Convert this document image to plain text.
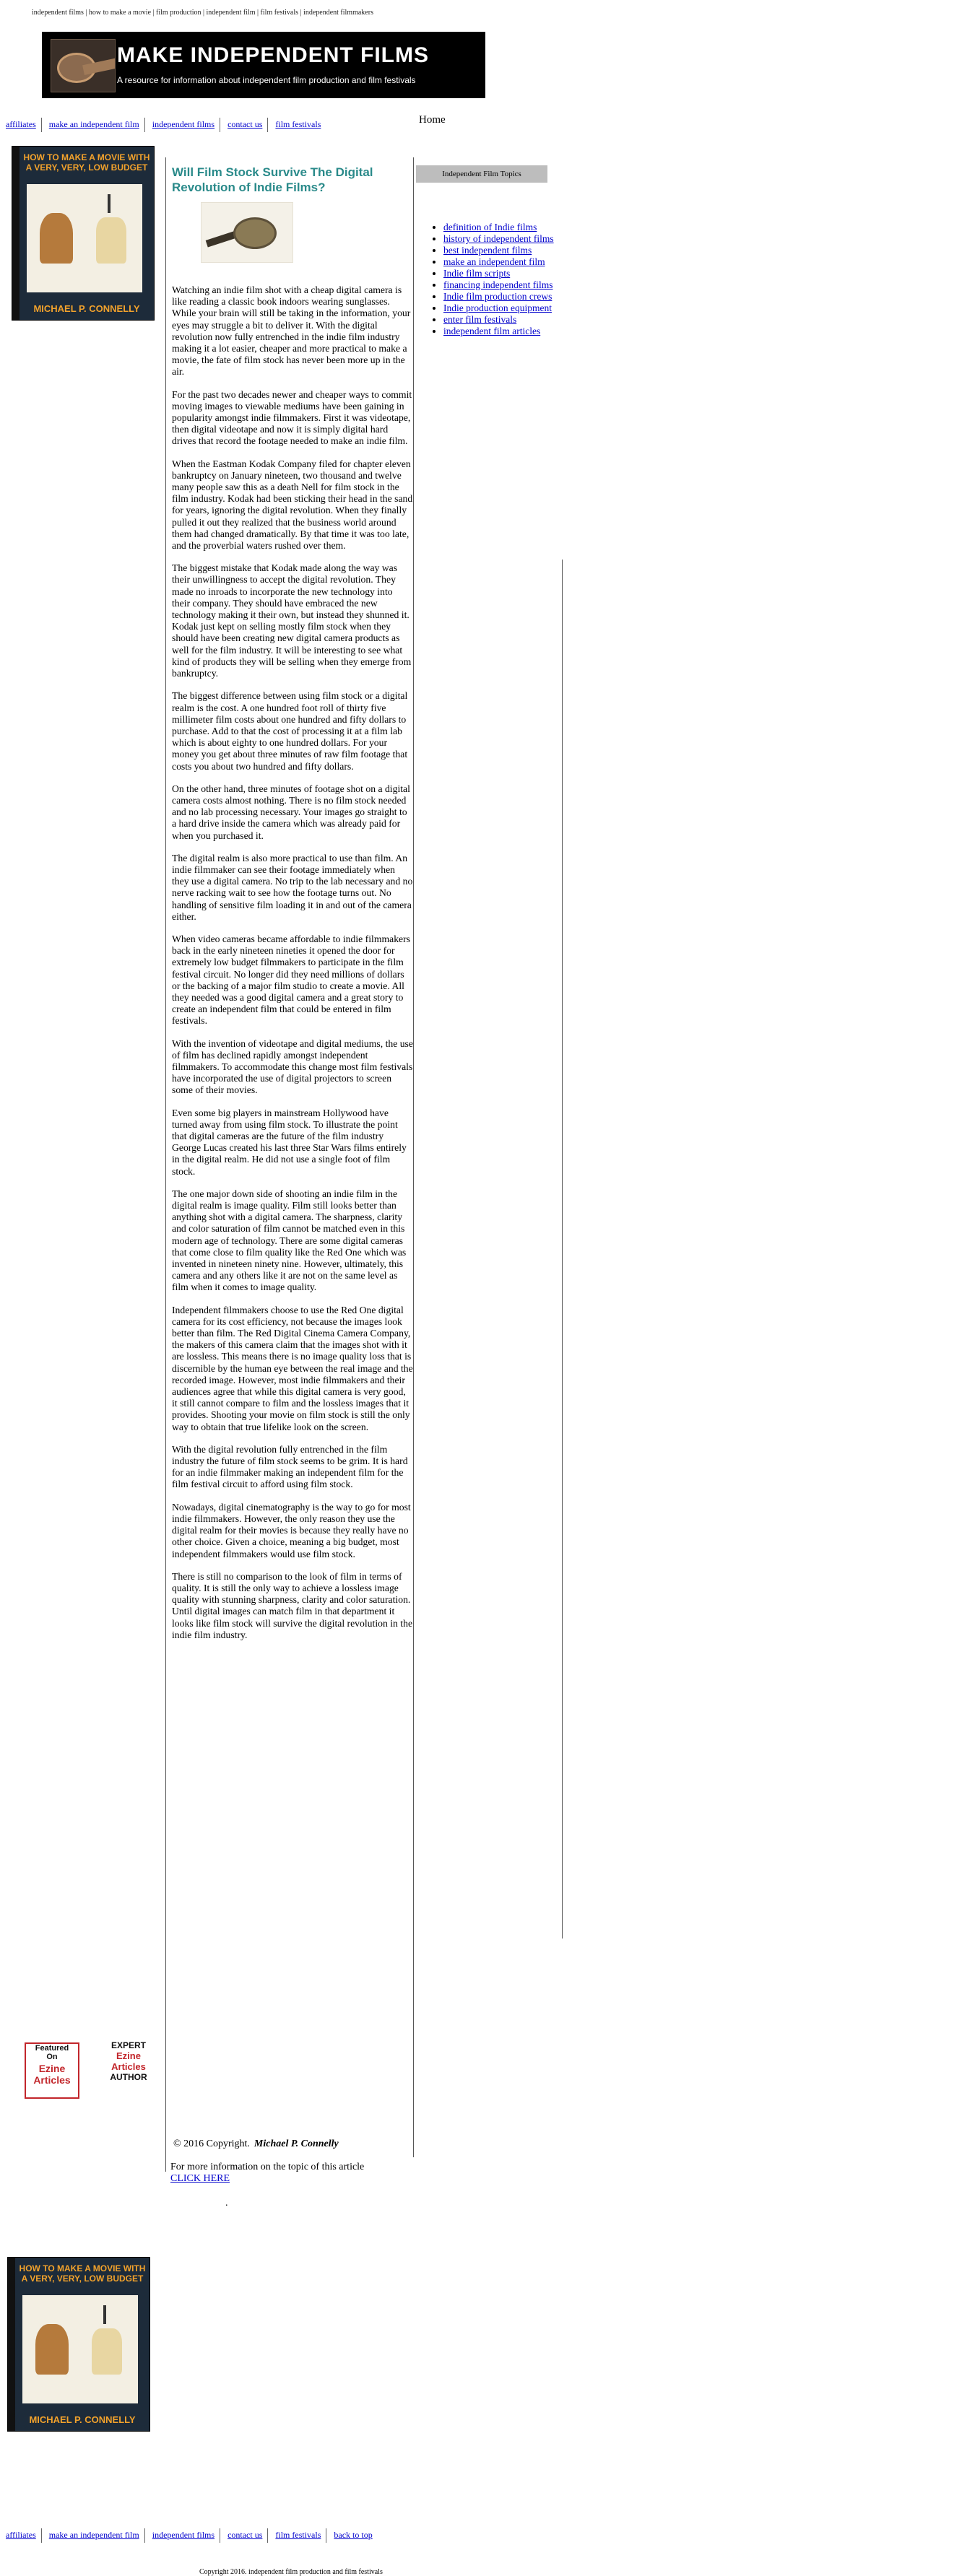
independent films | how to make a movie | film production | independent film | film festivals | independent filmmakers
MAKE INDEPENDENT FILMS
A resource for information about independent film production and film festivals
affiliates make an independent film independent films contact us film festivals	Home
HOW TO MAKE A MOVIE WITH A VERY, VERY, LOW BUDGET
MICHAEL P. CONNELLY
Will Film Stock Survive The Digital Revolution of Indie Films?

Watching an indie film shot with a cheap digital camera is like reading a classic book indoors wearing sunglasses. While your brain will still be taking in the information, your eyes may struggle a bit to deliver it. With the digital revolution now fully entrenched in the indie film industry making it a lot easier, cheaper and more practical to make a movie, the fate of film stock has never been more up in the air.

For the past two decades newer and cheaper ways to commit moving images to viewable mediums have been gaining in popularity amongst indie filmmakers. First it was videotape, then digital videotape and now it is simply digital hard drives that record the footage needed to make an indie film.

When the Eastman Kodak Company filed for chapter eleven bankruptcy on January nineteen, two thousand and twelve many people saw this as a death Nell for film stock in the film industry. Kodak had been sticking their head in the sand for years, ignoring the digital revolution. When they finally pulled it out they realized that the business world around them had changed dramatically. By that time it was too late, and the proverbial waters rushed over them.

The biggest mistake that Kodak made along the way was their unwillingness to accept the digital revolution. They made no inroads to incorporate the new technology into their company. They should have embraced the new technology making it their own, but instead they shunned it. Kodak just kept on selling mostly film stock when they should have been creating new digital camera products as well for the film industry. It will be interesting to see what kind of products they will be selling when they emerge from bankruptcy.

The biggest difference between using film stock or a digital realm is the cost. A one hundred foot roll of thirty five millimeter film costs about one hundred and fifty dollars to purchase. Add to that the cost of processing it at a film lab which is about eighty to one hundred dollars. For your money you get about three minutes of raw film footage that costs you about two hundred and fifty dollars.

On the other hand, three minutes of footage shot on a digital camera costs almost nothing. There is no film stock needed and no lab processing necessary. Your images go straight to a hard drive inside the camera which was already paid for when you purchased it.

The digital realm is also more practical to use than film. An indie filmmaker can see their footage immediately when they use a digital camera. No trip to the lab necessary and no nerve racking wait to see how the footage turns out. No handling of sensitive film loading it in and out of the camera either.

When video cameras became affordable to indie filmmakers back in the early nineteen nineties it opened the door for extremely low budget filmmakers to participate in the film festival circuit. No longer did they need millions of dollars or the backing of a major film studio to create a movie. All they needed was a good digital camera and a great story to create an independent film that could be entered in film festivals.

With the invention of videotape and digital mediums, the use of film has declined rapidly amongst independent filmmakers. To accommodate this change most film festivals have incorporated the use of digital projectors to screen some of their movies.

Even some big players in mainstream Hollywood have turned away from using film stock. To illustrate the point that digital cameras are the future of the film industry George Lucas created his last three Star Wars films entirely in the digital realm. He did not use a single foot of film stock.

The one major down side of shooting an indie film in the digital realm is image quality. Film still looks better than anything shot with a digital camera. The sharpness, clarity and color saturation of film cannot be matched even in this modern age of technology. There are some digital cameras that come close to film quality like the Red One which was invented in nineteen ninety nine. However, ultimately, this camera and any others like it are not on the same level as film when it comes to image quality.

Independent filmmakers choose to use the Red One digital camera for its cost efficiency, not because the images look better than film. The Red Digital Cinema Camera Company, the makers of this camera claim that the images shot with it are lossless. This means there is no image quality loss that is discernible by the human eye between the real image and the recorded image. However, most indie filmmakers and their audiences agree that while this digital camera is very good, it still cannot compare to film and the lossless images that it provides. Shooting your movie on film stock is still the only way to obtain that true lifelike look on the screen.

With the digital revolution fully entrenched in the film industry the future of film stock seems to be grim. It is hard for an indie filmmaker making an independent film for the film festival circuit to afford using film stock.

Nowadays, digital cinematography is the way to go for most indie filmmakers. However, the only reason they use the digital realm for their movies is because they really have no other choice. Given a choice, meaning a big budget, most independent filmmakers would use film stock.

There is still no comparison to the look of film in terms of quality. It is still the only way to achieve a lossless image quality with stunning sharpness, clarity and color saturation. Until digital images can match film in that department it looks like film stock will survive the digital revolution in the indie film industry.

Independent Film Topics
• definition of Indie films
• history of independent films
• best independent films
• make an independent film
• Indie film scripts
• financing independent films
• Indie film production crews
• Indie production equipment
• enter film festivals
• independent film articles
Featured
On
Ezine Articles
EXPERT
Ezine Articles
AUTHOR
© 2016 Copyright. Michael P. Connelly
For more information on the topic of this article
CLICK HERE
.
HOW TO MAKE A MOVIE WITH A VERY, VERY, LOW BUDGET
MICHAEL P. CONNELLY
affiliates make an independent film independent films contact us film festivals back to top
Copyright 2016. independent film production and film festivals
